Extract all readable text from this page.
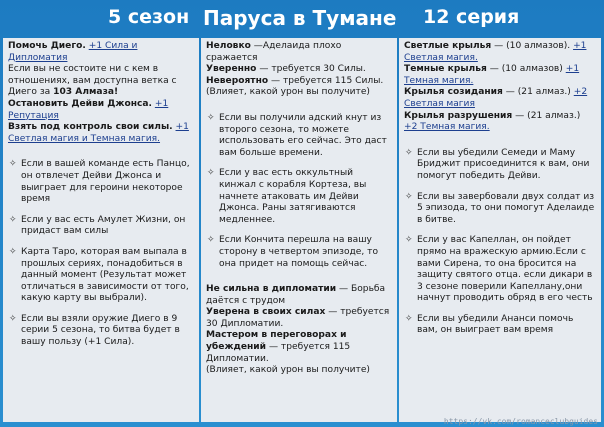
5 сезон Паруса в Тумане 12 серия

Помочь Диего. +1 Сила и Дипломатия

Если вы не состоите ни с кем в отношениях, вам доступна ветка с Диего за 103 Алмаза!

Остановить Дейви Джонса. +1 Репутация

Взять под контроль свои силы. +1 Светлая магия и Темная магия.

✧ Если в вашей команде есть Панцо, он отвлечет Дейви Джонса и выиграет для героини некоторое время

✧ Если у вас есть Амулет Жизни, он придаст вам силы

✧ Карта Таро, которая вам выпала в прошлых сериях, понадобиться в данный момент (Результат может отличаться в зависимости от того, какую карту вы выбрали).

✧ Если вы взяли оружие Диего в 9 серии 5 сезона, то битва будет в вашу пользу (+1 Сила).

Неловко —Аделаида плохо сражается

Уверенно — требуется 30 Силы.

Невероятно — требуется 115 Силы.

(Влияет, какой урон вы получите)

✧ Если вы получили адский кнут из второго сезона, то можете использовать его сейчас. Это даст вам больше времени.

✧ Если у вас есть оккультный кинжал с корабля Кортеза, вы начнете атаковать им Дейви Джонса. Раны затягиваются медленнее.

✧ Если Кончита перешла на вашу сторону в четвертом эпизоде, то она придет на помощь сейчас.

Не сильна в дипломатии — Борьба даётся с трудом

Уверена в своих силах — требуется 30 Дипломатии.

Мастером в переговорах и убеждений — требуется 115 Дипломатии.

(Влияет, какой урон вы получите)

Светлые крылья — (10 алмазов). +1 Светлая магия.

Темные крылья — (10 алмазов) +1 Темная магия.

Крылья созидания — (21 алмаз.) +2 Светлая магия

Крылья разрушения — (21 алмаз.) +2 Темная магия.

✧ Если вы убедили Семеди и Маму Бриджит присоединится к вам, они помогут победить Дейви.

✧ Если вы завербовали двух солдат из 5 эпизода, то они помогут Аделаиде в битве.

✧ Если у вас Капеллан, он пойдет прямо на вражескую армию.Если с вами Сирена, то она бросится на защиту святого отца. если дикари в 3 сезоне поверили Капеллану,они начнут проводить обряд в его честь

✧ Если вы убедили Ананси помочь вам, он выиграет вам время

https://vk.com/romanceclubguides
